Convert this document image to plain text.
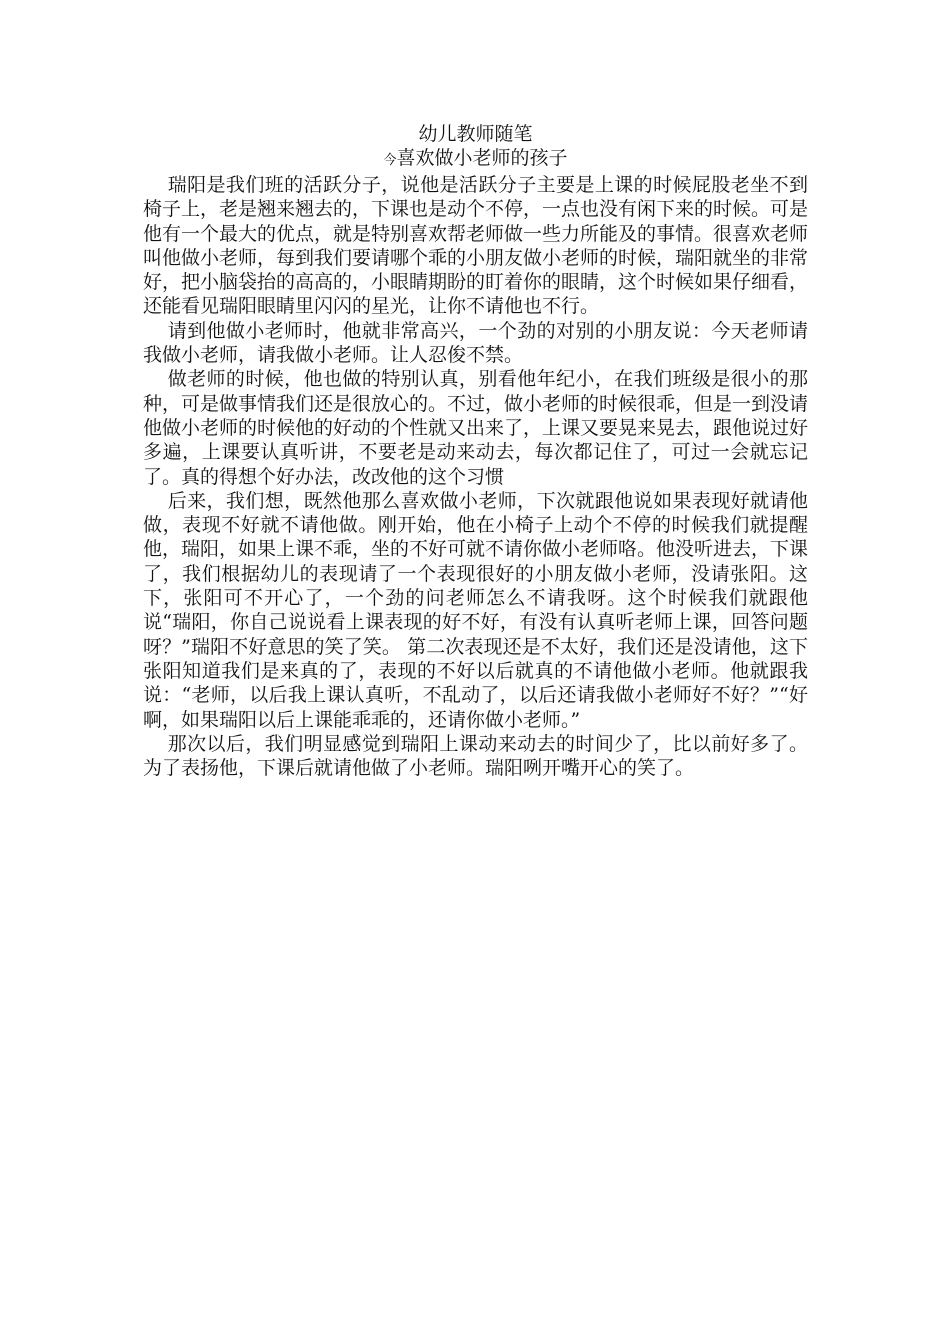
幼儿教师随笔

今喜欢做小老师的孩子

瑞阳是我们班的活跃分子，说他是活跃分子主要是上课的时候屁股老坐不到椅子上，老是翘来翘去的，下课也是动个不停，一点也没有闲下来的时候。可是他有一个最大的优点，就是特别喜欢帮老师做一些力所能及的事情。很喜欢老师叫他做小老师，每到我们要请哪个乖的小朋友做小老师的时候，瑞阳就坐的非常好，把小脑袋抬的高高的，小眼睛期盼的盯着你的眼睛，这个时候如果仔细看，还能看见瑞阳眼睛里闪闪的星光，让你不请他也不行。

请到他做小老师时，他就非常高兴，一个劲的对别的小朋友说：今天老师请我做小老师，请我做小老师。让人忍俊不禁。

做老师的时候，他也做的特别认真，别看他年纪小，在我们班级是很小的那种，可是做事情我们还是很放心的。不过，做小老师的时候很乖，但是一到没请他做小老师的时候他的好动的个性就又出来了，上课又要晃来晃去，跟他说过好多遍，上课要认真听讲，不要老是动来动去，每次都记住了，可过一会就忘记了。真的得想个好办法，改改他的这个习惯

后来，我们想，既然他那么喜欢做小老师，下次就跟他说如果表现好就请他做，表现不好就不请他做。刚开始，他在小椅子上动个不停的时候我们就提醒他，瑞阳，如果上课不乖，坐的不好可就不请你做小老师咯。他没听进去，下课了，我们根据幼儿的表现请了一个表现很好的小朋友做小老师，没请张阳。这下，张阳可不开心了，一个劲的问老师怎么不请我呀。这个时候我们就跟他说“瑞阳，你自己说说看上课表现的好不好，有没有认真听老师上课，回答问题呀？”瑞阳不好意思的笑了笑。 第二次表现还是不太好，我们还是没请他，这下张阳知道我们是来真的了，表现的不好以后就真的不请他做小老师。他就跟我说：“老师，以后我上课认真听，不乱动了，以后还请我做小老师好不好？”“好啊，如果瑞阳以后上课能乖乖的，还请你做小老师。”

那次以后，我们明显感觉到瑞阳上课动来动去的时间少了，比以前好多了。为了表扬他，下课后就请他做了小老师。瑞阳咧开嘴开心的笑了。
